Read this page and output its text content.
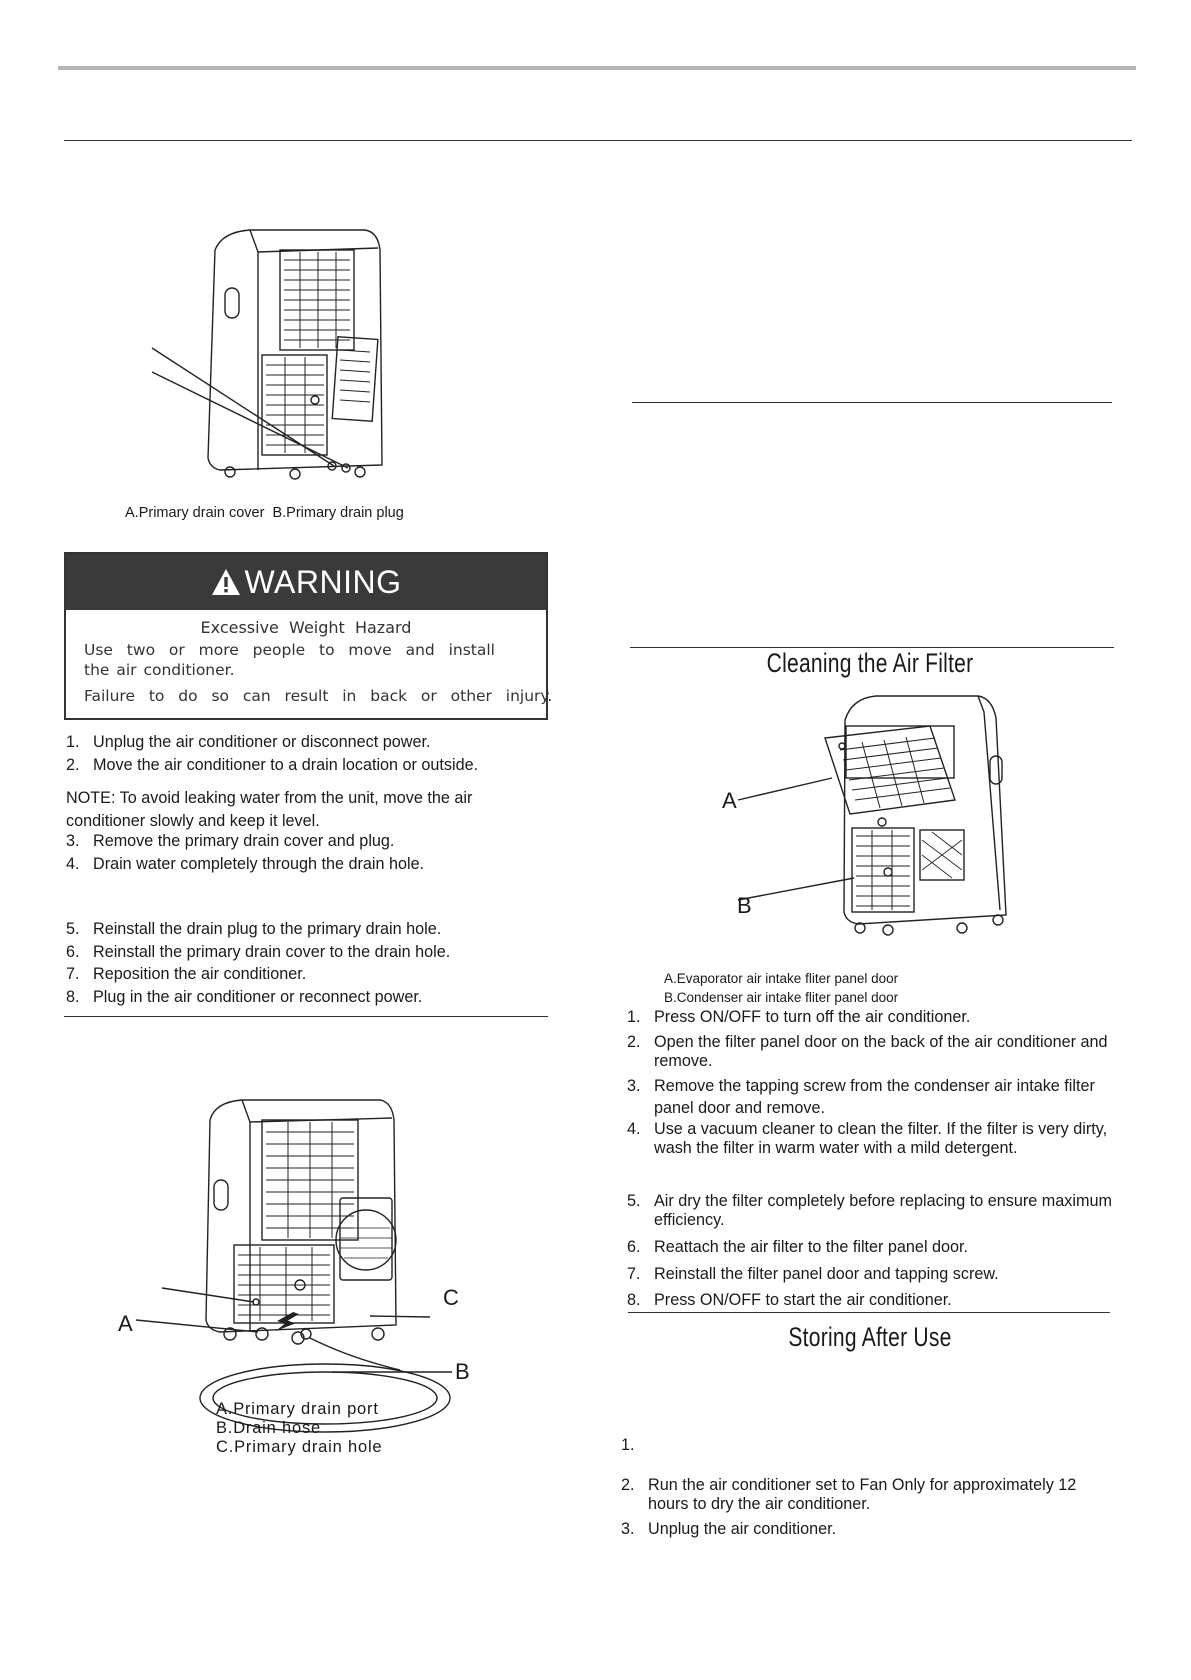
A.Primary drain cover  B.Primary drain plug
WARNING
Excessive  Weight  Hazard
Use  two  or  more  people  to  move  and  install the air conditioner.
Failure  to  do  so  can  result  in  back  or  other  injury.
1. Unplug the air conditioner or disconnect power.
2. Move the air conditioner to a drain location or outside.
NOTE: To avoid leaking water from the unit, move the air conditioner slowly and keep it level.
3. Remove the primary drain cover and plug.
4. Drain water completely through the drain hole.
5. Reinstall the drain plug to the primary drain hole.
6. Reinstall the primary drain cover to the drain hole.
7. Reposition the air conditioner.
8. Plug in the air conditioner or reconnect power.
A
B
C
A.Primary drain port
B.Drain hose
C.Primary drain hole
Cleaning the Air Filter
A
B
A.Evaporator air intake fliter panel door
B.Condenser air intake fliter panel door
1. Press ON/OFF to turn off the air conditioner.
2. Open the filter panel door on the back of the air conditioner and remove.
3. Remove the tapping screw from the condenser air intake filter panel door and remove.
4. Use a vacuum cleaner to clean the filter. If the filter is very dirty, wash the filter in warm water with a mild detergent.
5. Air dry the filter completely before replacing to ensure maximum efficiency.
6. Reattach the air filter to the filter panel door.
7. Reinstall the filter panel door and tapping screw.
8. Press ON/OFF to start the air conditioner.
Storing After Use
1.
2. Run the air conditioner set to Fan Only for approximately 12 hours to dry the air conditioner.
3. Unplug the air conditioner.
